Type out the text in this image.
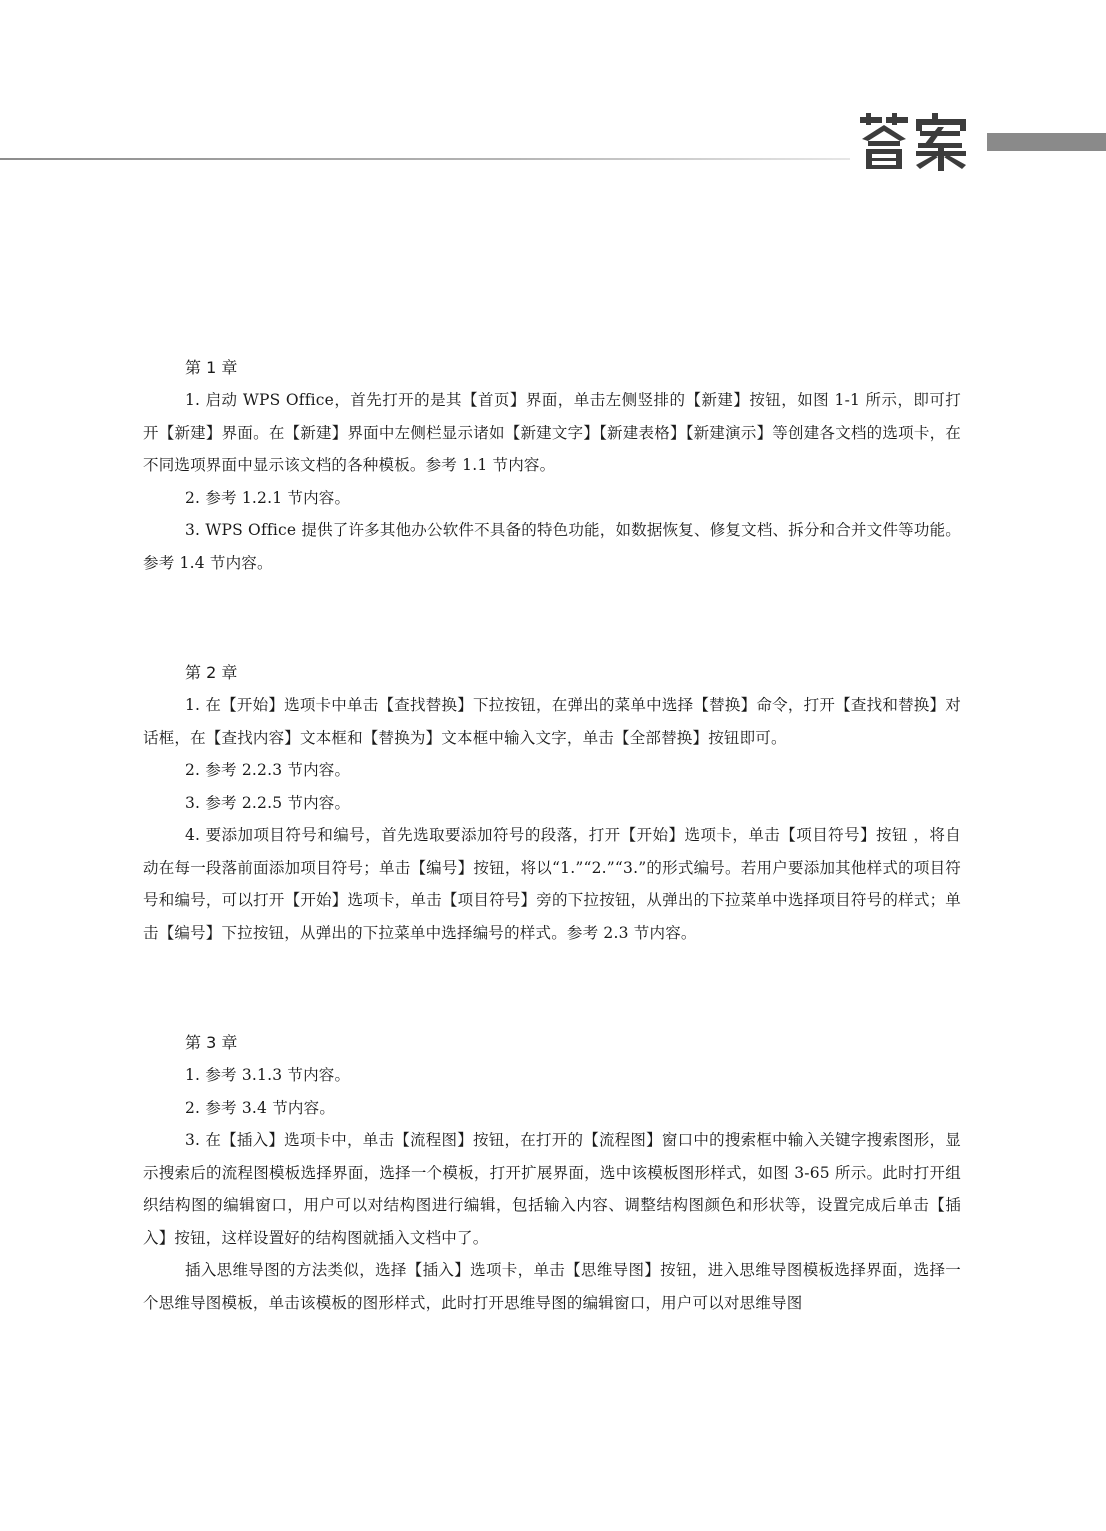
第 1 章

1. 启动 WPS Office，首先打开的是其【首页】界面，单击左侧竖排的【新建】按钮，如图 1-1 所示，即可打开【新建】界面。在【新建】界面中左侧栏显示诸如【新建文字】【新建表格】【新建演示】等创建各文档的选项卡，在不同选项界面中显示该文档的各种模板。参考 1.1 节内容。

2. 参考 1.2.1 节内容。

3. WPS Office 提供了许多其他办公软件不具备的特色功能，如数据恢复、修复文档、拆分和合并文件等功能。参考 1.4 节内容。

第 2 章

1. 在【开始】选项卡中单击【查找替换】下拉按钮，在弹出的菜单中选择【替换】命令，打开【查找和替换】对话框，在【查找内容】文本框和【替换为】文本框中输入文字，单击【全部替换】按钮即可。

2. 参考 2.2.3 节内容。

3. 参考 2.2.5 节内容。

4. 要添加项目符号和编号，首先选取要添加符号的段落，打开【开始】选项卡，单击【项目符号】按钮 ，将自动在每一段落前面添加项目符号；单击【编号】按钮，将以“1.”“2.”“3.”的形式编号。若用户要添加其他样式的项目符号和编号，可以打开【开始】选项卡，单击【项目符号】旁的下拉按钮，从弹出的下拉菜单中选择项目符号的样式；单击【编号】下拉按钮，从弹出的下拉菜单中选择编号的样式。参考 2.3 节内容。

第 3 章

1. 参考 3.1.3 节内容。

2. 参考 3.4 节内容。

3. 在【插入】选项卡中，单击【流程图】按钮，在打开的【流程图】窗口中的搜索框中输入关键字搜索图形，显示搜索后的流程图模板选择界面，选择一个模板，打开扩展界面，选中该模板图形样式，如图 3-65 所示。此时打开组织结构图的编辑窗口，用户可以对结构图进行编辑，包括输入内容、调整结构图颜色和形状等，设置完成后单击【插入】按钮，这样设置好的结构图就插入文档中了。

插入思维导图的方法类似，选择【插入】选项卡，单击【思维导图】按钮，进入思维导图模板选择界面，选择一个思维导图模板，单击该模板的图形样式，此时打开思维导图的编辑窗口，用户可以对思维导图
